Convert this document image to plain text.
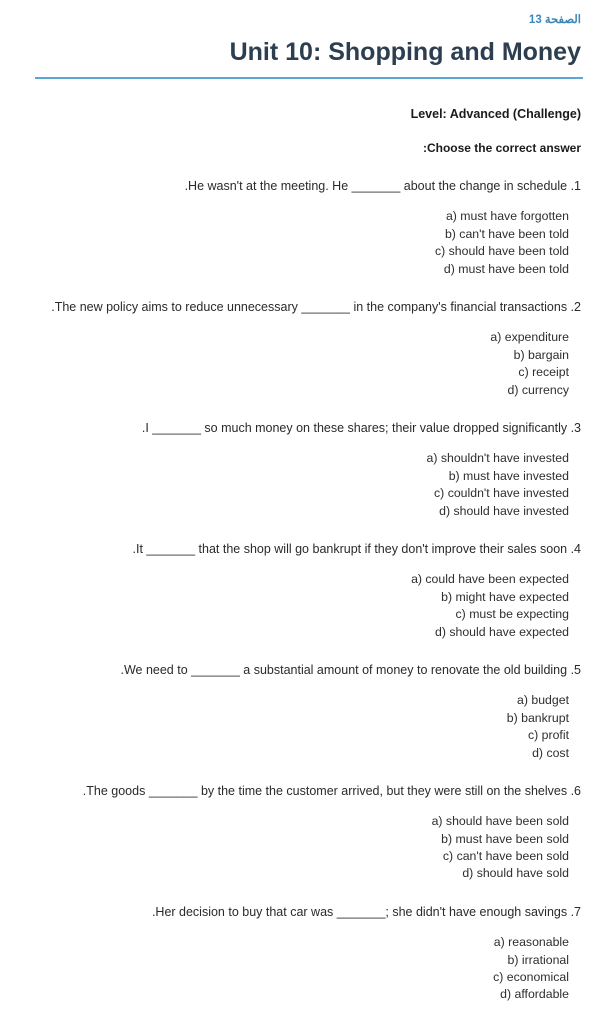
الصفحة 13
Unit 10: Shopping and Money
Level: Advanced (Challenge)
:Choose the correct answer
.He wasn't at the meeting. He _______ about the change in schedule .1
a) must have forgotten
b) can't have been told
c) should have been told
d) must have been told
.The new policy aims to reduce unnecessary _______ in the company's financial transactions .2
a) expenditure
b) bargain
c) receipt
d) currency
.I _______ so much money on these shares; their value dropped significantly .3
a) shouldn't have invested
b) must have invested
c) couldn't have invested
d) should have invested
.It _______ that the shop will go bankrupt if they don't improve their sales soon .4
a) could have been expected
b) might have expected
c) must be expecting
d) should have expected
.We need to _______ a substantial amount of money to renovate the old building .5
a) budget
b) bankrupt
c) profit
d) cost
.The goods _______ by the time the customer arrived, but they were still on the shelves .6
a) should have been sold
b) must have been sold
c) can't have been sold
d) should have sold
.Her decision to buy that car was _______; she didn't have enough savings .7
a) reasonable
b) irrational
c) economical
d) affordable
